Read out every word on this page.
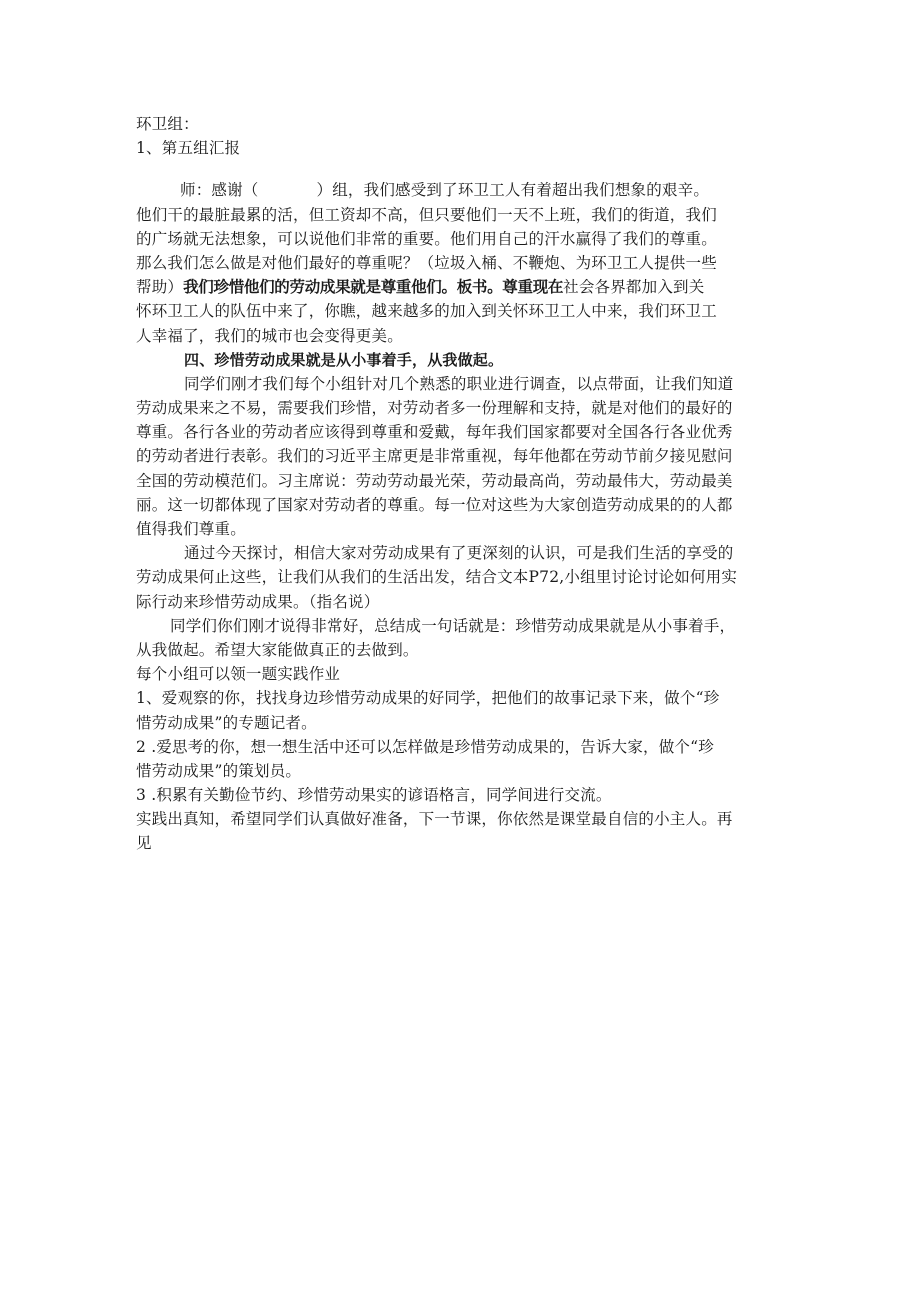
环卫组：
1、第五组汇报
师：感谢（	）组，我们感受到了环卫工人有着超出我们想象的艰辛。
他们干的最脏最累的活，但工资却不高，但只要他们一天不上班，我们的街道，我们
的广场就无法想象，可以说他们非常的重要。他们用自己的汗水赢得了我们的尊重。
那么我们怎么做是对他们最好的尊重呢？（垃圾入桶、不鞭炮、为环卫工人提供一些
帮助）我们珍惜他们的劳动成果就是尊重他们。板书。尊重现在社会各界都加入到关
怀环卫工人的队伍中来了，你瞧，越来越多的加入到关怀环卫工人中来，我们环卫工
人幸福了，我们的城市也会变得更美。
四、珍惜劳动成果就是从小事着手，从我做起。
同学们刚才我们每个小组针对几个熟悉的职业进行调查，以点带面，让我们知道
劳动成果来之不易，需要我们珍惜，对劳动者多一份理解和支持，就是对他们的最好的
尊重。各行各业的劳动者应该得到尊重和爱戴，每年我们国家都要对全国各行各业优秀
的劳动者进行表彰。我们的习近平主席更是非常重视，每年他都在劳动节前夕接见慰问
全国的劳动模范们。习主席说：劳动劳动最光荣，劳动最高尚，劳动最伟大，劳动最美
丽。这一切都体现了国家对劳动者的尊重。每一位对这些为大家创造劳动成果的的人都
值得我们尊重。
通过今天探讨，相信大家对劳动成果有了更深刻的认识，可是我们生活的享受的
劳动成果何止这些，让我们从我们的生活出发，结合文本P72,小组里讨论讨论如何用实
际行动来珍惜劳动成果。（指名说）
同学们你们刚才说得非常好，总结成一句话就是：珍惜劳动成果就是从小事着手，
从我做起。希望大家能做真正的去做到。
每个小组可以领一题实践作业
1、爱观察的你，找找身边珍惜劳动成果的好同学，把他们的故事记录下来，做个“珍
惜劳动成果”的专题记者。
2 .爱思考的你，想一想生活中还可以怎样做是珍惜劳动成果的，告诉大家，做个“珍
惜劳动成果”的策划员。
3 .积累有关勤俭节约、珍惜劳动果实的谚语格言，同学间进行交流。
实践出真知，希望同学们认真做好准备，下一节课，你依然是课堂最自信的小主人。再
见
